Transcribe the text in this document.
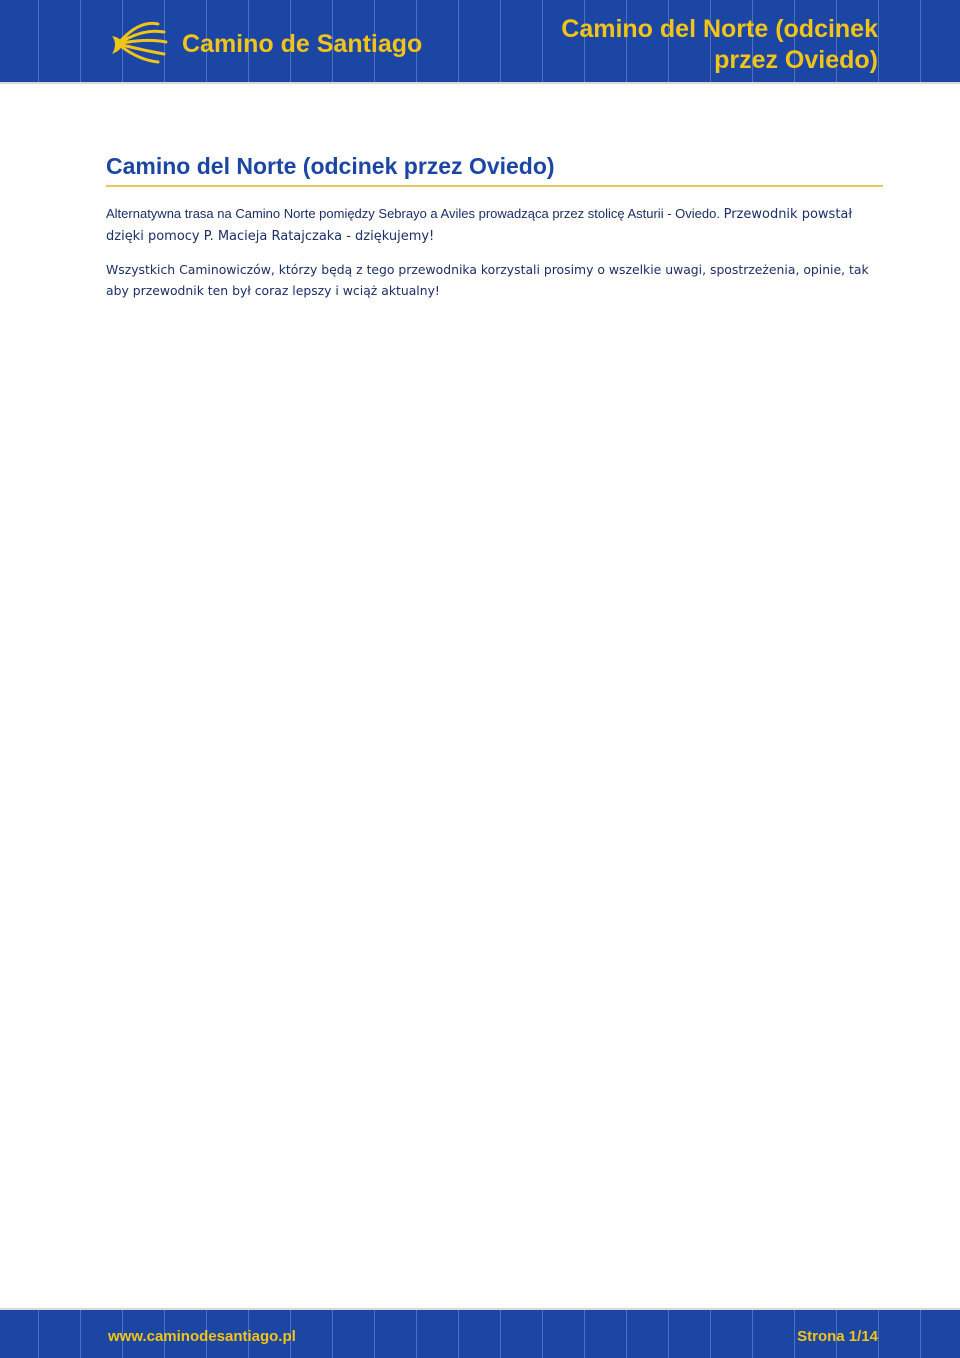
Camino de Santiago
Camino del Norte (odcinek przez Oviedo)
Camino del Norte (odcinek przez Oviedo)

Alternatywna trasa na Camino Norte pomiędzy Sebrayo a Aviles prowadząca przez stolicę Asturii - Oviedo. Przewodnik powstał dzięki pomocy P. Macieja Ratajczaka - dziękujemy!

Wszystkich Caminowiczów, którzy będą z tego przewodnika korzystali prosimy o wszelkie uwagi, spostrzeżenia, opinie, tak aby przewodnik ten był coraz lepszy i wciąż aktualny!

www.caminodesantiago.pl	Strona 1/14
